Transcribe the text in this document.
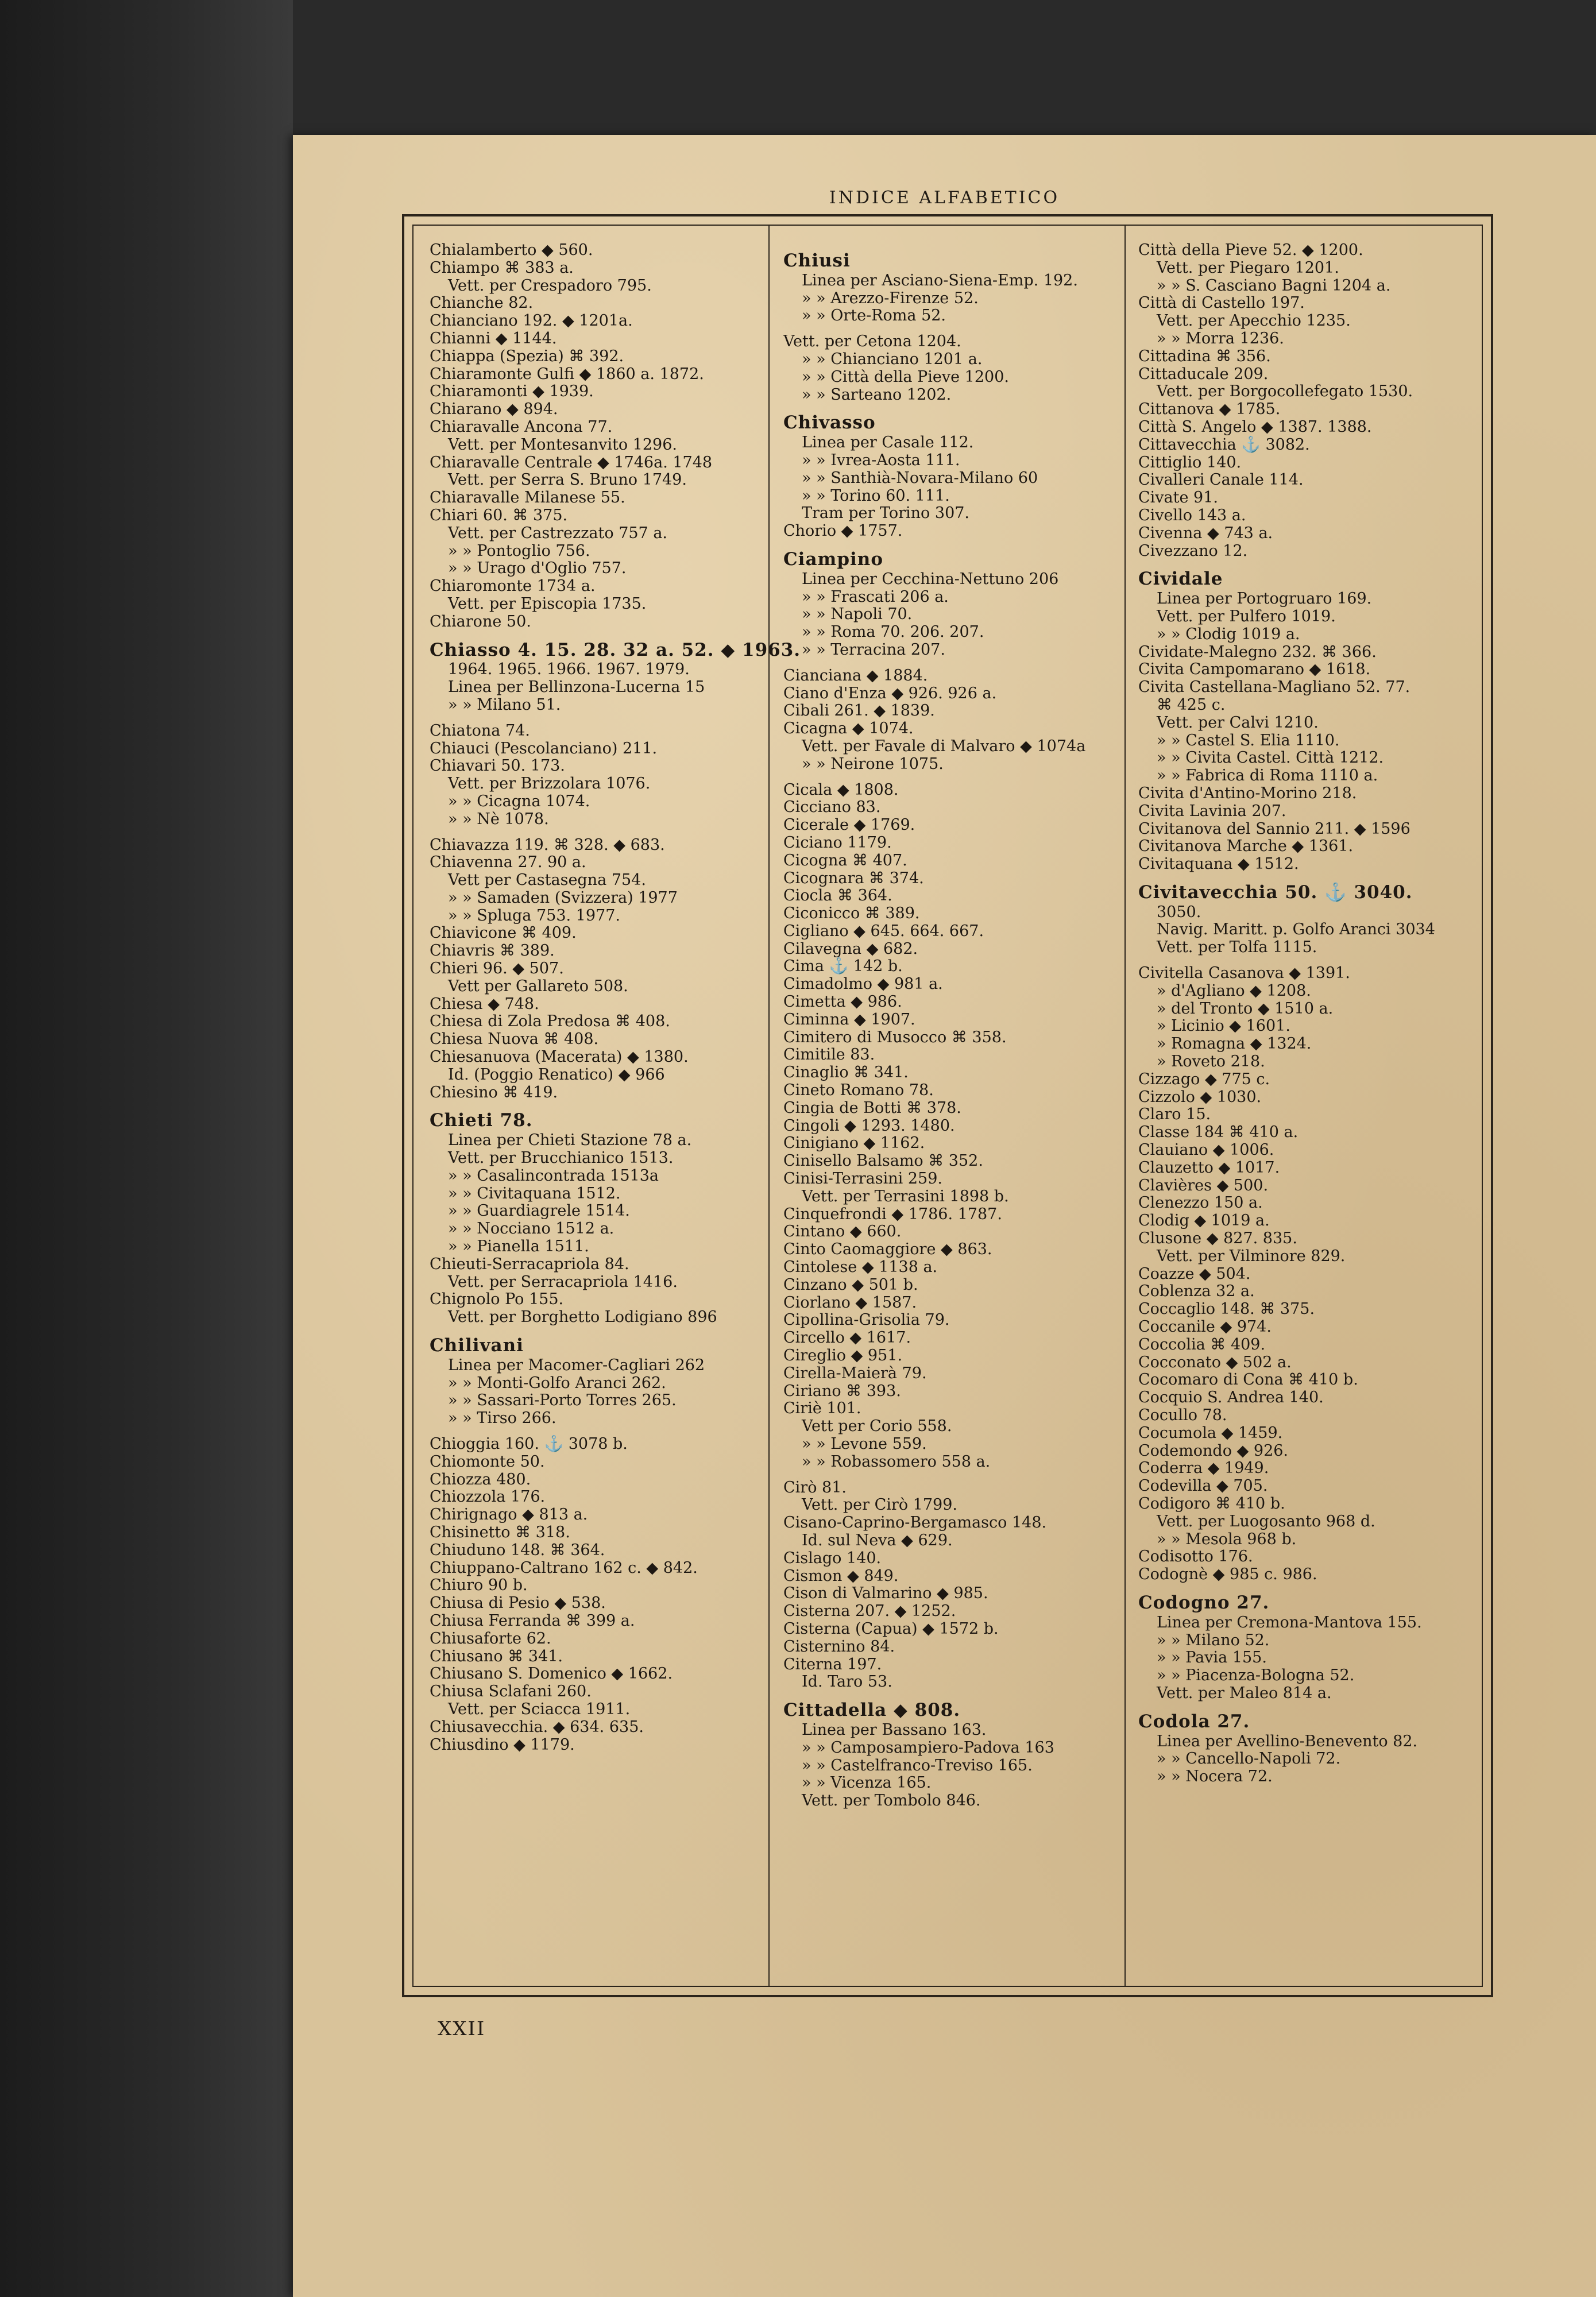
INDICE ALFABETICO
Chialamberto ◆ 560.
Chiampo ⌘ 383 a.
Vett. per Crespadoro 795.
Chianche 82.
Chianciano 192. ◆ 1201a.
Chianni ◆ 1144.
Chiappa (Spezia) ⌘ 392.
Chiaramonte Gulfi ◆ 1860 a. 1872.
Chiaramonti ◆ 1939.
Chiarano ◆ 894.
Chiaravalle Ancona 77.
Vett. per Montesanvito 1296.
Chiaravalle Centrale ◆ 1746a. 1748
Vett. per Serra S. Bruno 1749.
Chiaravalle Milanese 55.
Chiari 60. ⌘ 375.
Vett. per Castrezzato 757 a.
» » Pontoglio 756.
» » Urago d'Oglio 757.
Chiaromonte 1734 a.
Vett. per Episcopia 1735.
Chiarone 50.
Chiasso 4. 15. 28. 32 a. 52. ◆ 1963.
1964. 1965. 1966. 1967. 1979.
Linea per Bellinzona-Lucerna 15
» » Milano 51.
Chiatona 74.
Chiauci (Pescolanciano) 211.
Chiavari 50. 173.
Vett. per Brizzolara 1076.
» » Cicagna 1074.
» » Nè 1078.
Chiavazza 119. ⌘ 328. ◆ 683.
Chiavenna 27. 90 a.
Vett per Castasegna 754.
» » Samaden (Svizzera) 1977
» » Spluga 753. 1977.
Chiavicone ⌘ 409.
Chiavris ⌘ 389.
Chieri 96. ◆ 507.
Vett per Gallareto 508.
Chiesa ◆ 748.
Chiesa di Zola Predosa ⌘ 408.
Chiesa Nuova ⌘ 408.
Chiesanuova (Macerata) ◆ 1380.
Id. (Poggio Renatico) ◆ 966
Chiesino ⌘ 419.
Chieti 78.
Linea per Chieti Stazione 78 a.
Vett. per Brucchianico 1513.
» » Casalincontrada 1513a
» » Civitaquana 1512.
» » Guardiagrele 1514.
» » Nocciano 1512 a.
» » Pianella 1511.
Chieuti-Serracapriola 84.
Vett. per Serracapriola 1416.
Chignolo Po 155.
Vett. per Borghetto Lodigiano 896
Chilivani
Linea per Macomer-Cagliari 262
» » Monti-Golfo Aranci 262.
» » Sassari-Porto Torres 265.
» » Tirso 266.
Chioggia 160. ⚓ 3078 b.
Chiomonte 50.
Chiozza 480.
Chiozzola 176.
Chirignago ◆ 813 a.
Chisinetto ⌘ 318.
Chiuduno 148. ⌘ 364.
Chiuppano-Caltrano 162 c. ◆ 842.
Chiuro 90 b.
Chiusa di Pesio ◆ 538.
Chiusa Ferranda ⌘ 399 a.
Chiusaforte 62.
Chiusano ⌘ 341.
Chiusano S. Domenico ◆ 1662.
Chiusa Sclafani 260.
Vett. per Sciacca 1911.
Chiusavecchia. ◆ 634. 635.
Chiusdino ◆ 1179.
Chiusi
Linea per Asciano-Siena-Emp. 192.
» » Arezzo-Firenze 52.
» » Orte-Roma 52.
Vett. per Cetona 1204.
» » Chianciano 1201 a.
» » Città della Pieve 1200.
» » Sarteano 1202.
Chivasso
Linea per Casale 112.
» » Ivrea-Aosta 111.
» » Santhià-Novara-Milano 60
» » Torino 60. 111.
Tram per Torino 307.
Chorio ◆ 1757.
Ciampino
Linea per Cecchina-Nettuno 206
» » Frascati 206 a.
» » Napoli 70.
» » Roma 70. 206. 207.
» » Terracina 207.
Cianciana ◆ 1884.
Ciano d'Enza ◆ 926. 926 a.
Cibali 261. ◆ 1839.
Cicagna ◆ 1074.
Vett. per Favale di Malvaro ◆ 1074a
» » Neirone 1075.
Cicala ◆ 1808.
Cicciano 83.
Cicerale ◆ 1769.
Ciciano 1179.
Cicogna ⌘ 407.
Cicognara ⌘ 374.
Ciocla ⌘ 364.
Ciconicco ⌘ 389.
Cigliano ◆ 645. 664. 667.
Cilavegna ◆ 682.
Cima ⚓ 142 b.
Cimadolmo ◆ 981 a.
Cimetta ◆ 986.
Ciminna ◆ 1907.
Cimitero di Musocco ⌘ 358.
Cimitile 83.
Cinaglio ⌘ 341.
Cineto Romano 78.
Cingia de Botti ⌘ 378.
Cingoli ◆ 1293. 1480.
Cinigiano ◆ 1162.
Cinisello Balsamo ⌘ 352.
Cinisi-Terrasini 259.
Vett. per Terrasini 1898 b.
Cinquefrondi ◆ 1786. 1787.
Cintano ◆ 660.
Cinto Caomaggiore ◆ 863.
Cintolese ◆ 1138 a.
Cinzano ◆ 501 b.
Ciorlano ◆ 1587.
Cipollina-Grisolia 79.
Circello ◆ 1617.
Cireglio ◆ 951.
Cirella-Maierà 79.
Ciriano ⌘ 393.
Ciriè 101.
Vett per Corio 558.
» » Levone 559.
» » Robassomero 558 a.
Cirò 81.
Vett. per Cirò 1799.
Cisano-Caprino-Bergamasco 148.
Id. sul Neva ◆ 629.
Cislago 140.
Cismon ◆ 849.
Cison di Valmarino ◆ 985.
Cisterna 207. ◆ 1252.
Cisterna (Capua) ◆ 1572 b.
Cisternino 84.
Citerna 197.
Id. Taro 53.
Cittadella ◆ 808.
Linea per Bassano 163.
» » Camposampiero-Padova 163
» » Castelfranco-Treviso 165.
» » Vicenza 165.
Vett. per Tombolo 846.
Città della Pieve 52. ◆ 1200.
Vett. per Piegaro 1201.
» » S. Casciano Bagni 1204 a.
Città di Castello 197.
Vett. per Apecchio 1235.
» » Morra 1236.
Cittadina ⌘ 356.
Cittaducale 209.
Vett. per Borgocollefegato 1530.
Cittanova ◆ 1785.
Città S. Angelo ◆ 1387. 1388.
Cittavecchia ⚓ 3082.
Cittiglio 140.
Civalleri Canale 114.
Civate 91.
Civello 143 a.
Civenna ◆ 743 a.
Civezzano 12.
Cividale
Linea per Portogruaro 169.
Vett. per Pulfero 1019.
» » Clodig 1019 a.
Cividate-Malegno 232. ⌘ 366.
Civita Campomarano ◆ 1618.
Civita Castellana-Magliano 52. 77.
⌘ 425 c.
Vett. per Calvi 1210.
» » Castel S. Elia 1110.
» » Civita Castel. Città 1212.
» » Fabrica di Roma 1110 a.
Civita d'Antino-Morino 218.
Civita Lavinia 207.
Civitanova del Sannio 211. ◆ 1596
Civitanova Marche ◆ 1361.
Civitaquana ◆ 1512.
Civitavecchia 50. ⚓ 3040.
3050.
Navig. Maritt. p. Golfo Aranci 3034
Vett. per Tolfa 1115.
Civitella Casanova ◆ 1391.
» d'Agliano ◆ 1208.
» del Tronto ◆ 1510 a.
» Licinio ◆ 1601.
» Romagna ◆ 1324.
» Roveto 218.
Cizzago ◆ 775 c.
Cizzolo ◆ 1030.
Claro 15.
Classe 184 ⌘ 410 a.
Clauiano ◆ 1006.
Clauzetto ◆ 1017.
Clavières ◆ 500.
Clenezzo 150 a.
Clodig ◆ 1019 a.
Clusone ◆ 827. 835.
Vett. per Vilminore 829.
Coazze ◆ 504.
Coblenza 32 a.
Coccaglio 148. ⌘ 375.
Coccanile ◆ 974.
Coccolia ⌘ 409.
Cocconato ◆ 502 a.
Cocomaro di Cona ⌘ 410 b.
Cocquio S. Andrea 140.
Cocullo 78.
Cocumola ◆ 1459.
Codemondo ◆ 926.
Coderra ◆ 1949.
Codevilla ◆ 705.
Codigoro ⌘ 410 b.
Vett. per Luogosanto 968 d.
» » Mesola 968 b.
Codisotto 176.
Codognè ◆ 985 c. 986.
Codogno 27.
Linea per Cremona-Mantova 155.
» » Milano 52.
» » Pavia 155.
» » Piacenza-Bologna 52.
Vett. per Maleo 814 a.
Codola 27.
Linea per Avellino-Benevento 82.
» » Cancello-Napoli 72.
» » Nocera 72.
XXII
